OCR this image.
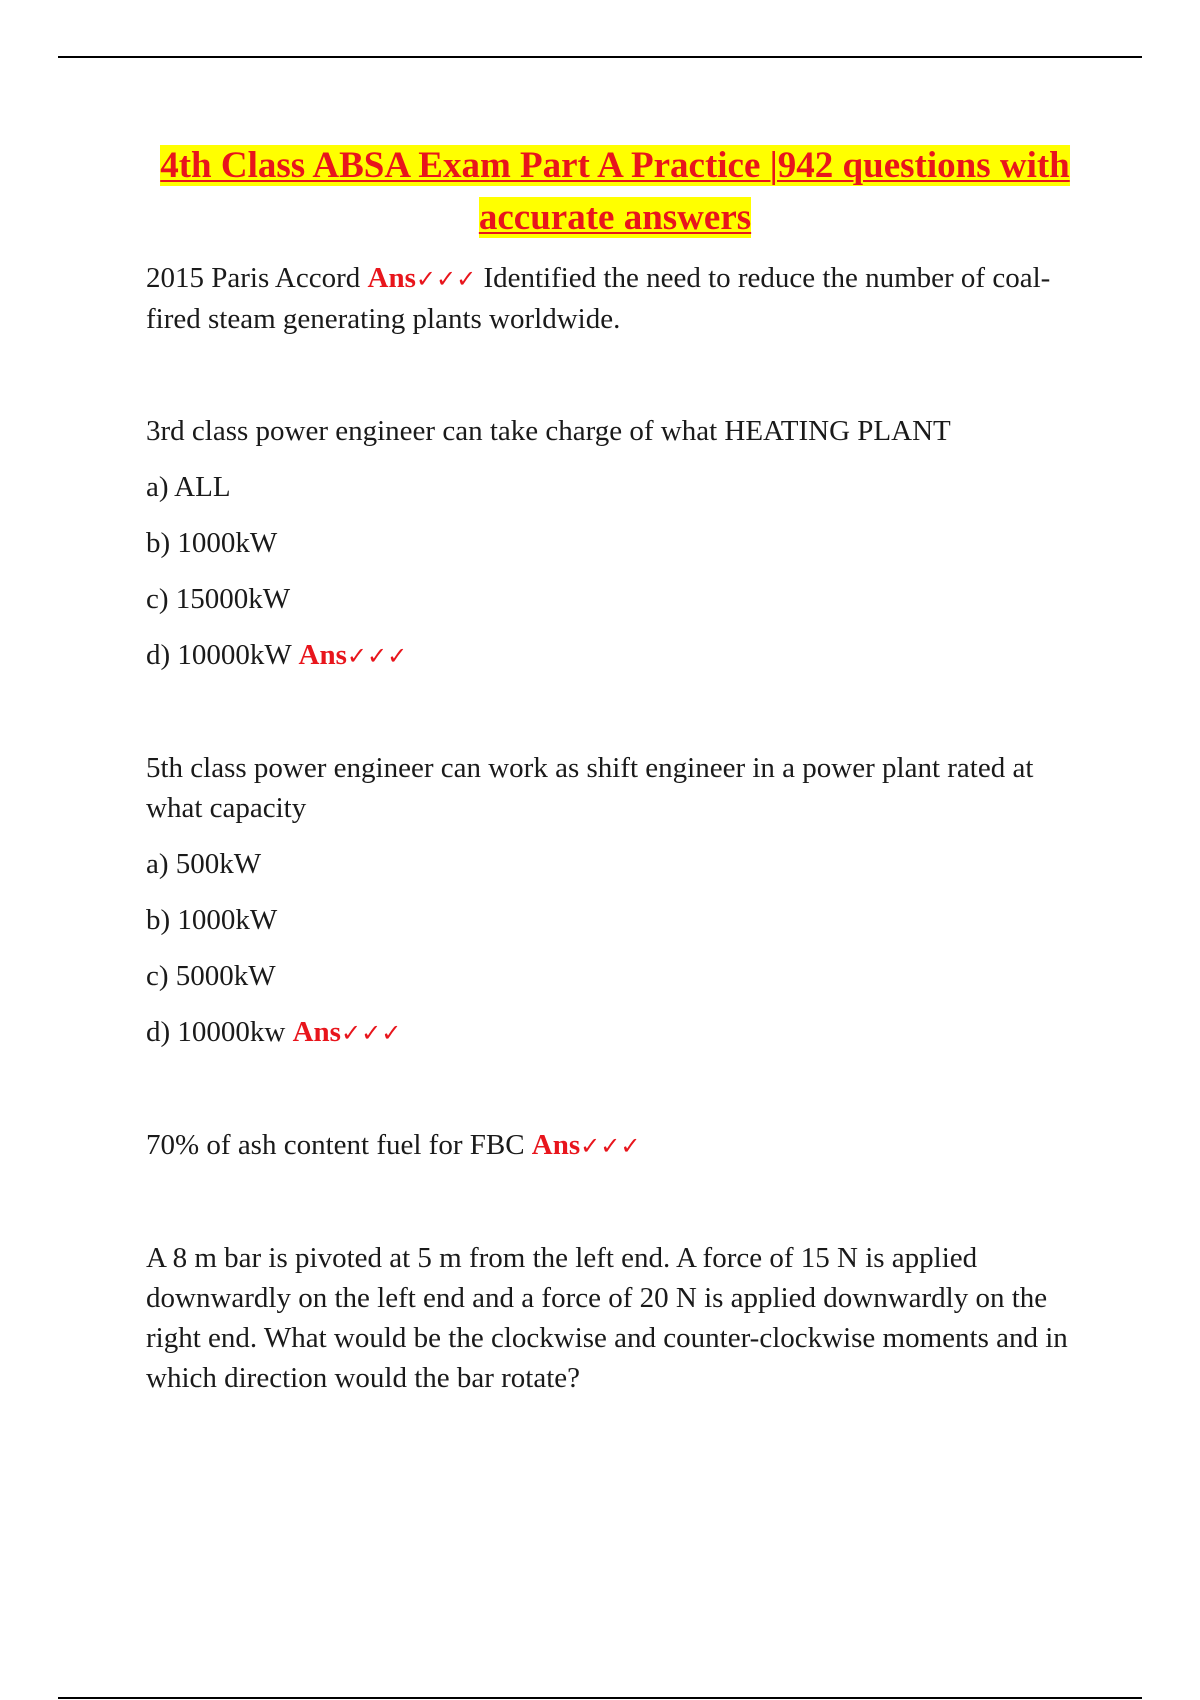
4th Class ABSA Exam Part A Practice |942 questions with accurate answers

2015 Paris Accord Ans✓✓✓ Identified the need to reduce the number of coal-fired steam generating plants worldwide.

3rd class power engineer can take charge of what HEATING PLANT

a) ALL

b) 1000kW

c) 15000kW

d) 10000kW Ans✓✓✓

5th class power engineer can work as shift engineer in a power plant rated at what capacity

a) 500kW

b) 1000kW

c) 5000kW

d) 10000kw Ans✓✓✓

70% of ash content fuel for FBC Ans✓✓✓

A 8 m bar is pivoted at 5 m from the left end. A force of 15 N is applied downwardly on the left end and a force of 20 N is applied downwardly on the right end. What would be the clockwise and counter-clockwise moments and in which direction would the bar rotate?
